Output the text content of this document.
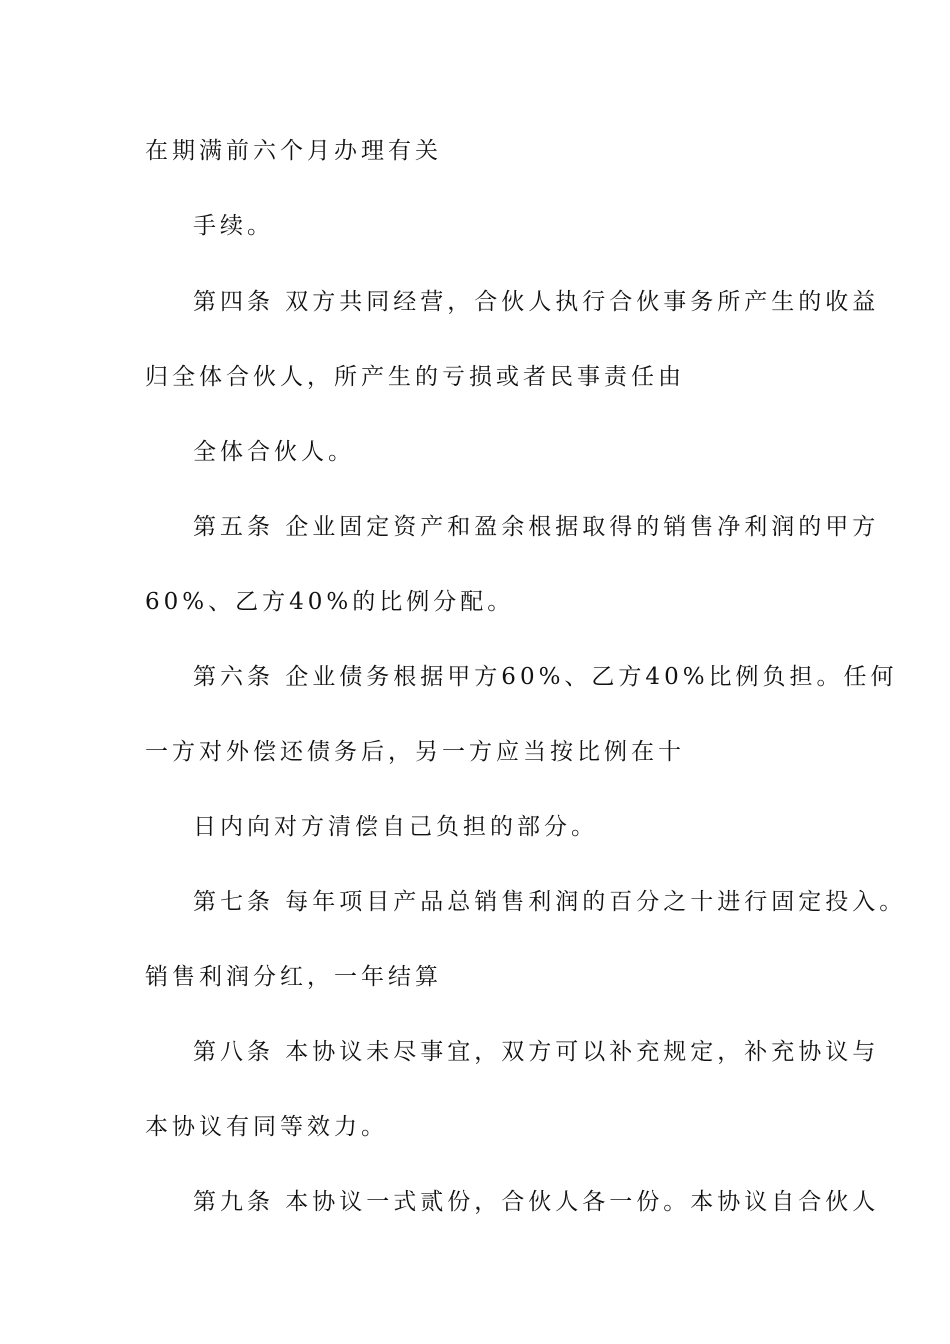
在期满前六个月办理有关
手续。
第四条 双方共同经营，合伙人执行合伙事务所产生的收益
归全体合伙人，所产生的亏损或者民事责任由
全体合伙人。
第五条 企业固定资产和盈余根据取得的销售净利润的甲方
60%、乙方40%的比例分配。
第六条 企业债务根据甲方60%、乙方40%比例负担。任何
一方对外偿还债务后，另一方应当按比例在十
日内向对方清偿自己负担的部分。
第七条 每年项目产品总销售利润的百分之十进行固定投入。
销售利润分红，一年结算
第八条 本协议未尽事宜，双方可以补充规定，补充协议与
本协议有同等效力。
第九条 本协议一式贰份，合伙人各一份。本协议自合伙人
